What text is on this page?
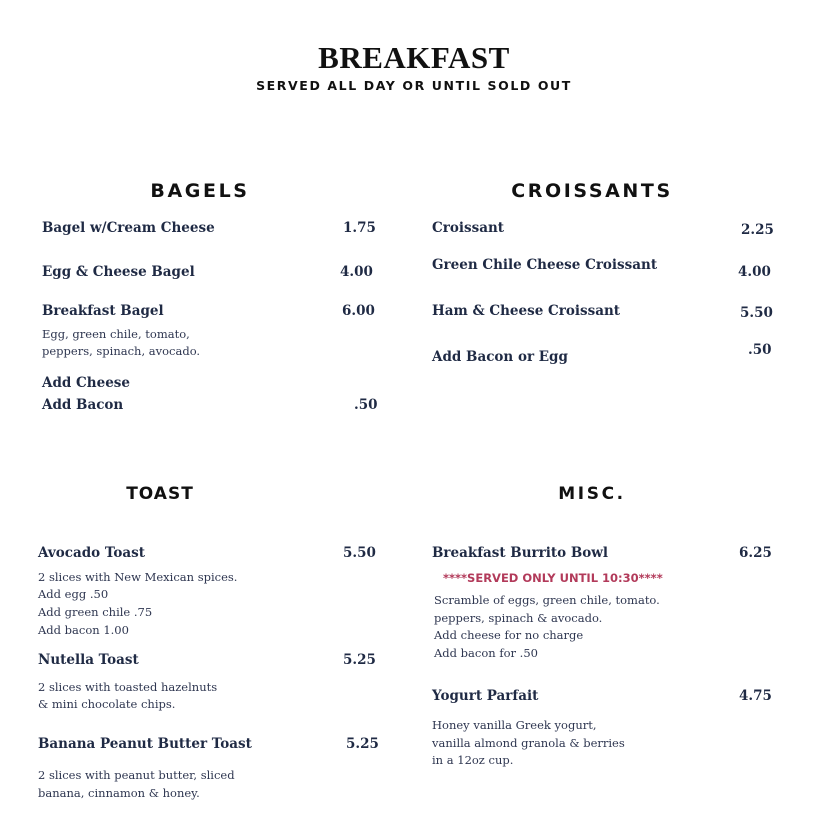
BREAKFAST
SERVED ALL DAY OR UNTIL SOLD OUT
BAGELS
Bagel w/Cream Cheese	1.75
Egg & Cheese Bagel	4.00
Breakfast Bagel	6.00
Egg, green chile, tomato,
peppers, spinach, avocado.
Add Cheese
Add Bacon	.50
CROISSANTS
Croissant	2.25
Green Chile Cheese Croissant	4.00
Ham & Cheese Croissant	5.50
Add Bacon or Egg	.50
TOAST
Avocado Toast	5.50
2 slices with New Mexican spices.
Add egg .50
Add green chile .75
Add bacon 1.00
Nutella Toast	5.25
2 slices with toasted hazelnuts
& mini chocolate chips.
Banana Peanut Butter Toast	5.25
2 slices with peanut butter, sliced
banana, cinnamon & honey.
MISC.
Breakfast Burrito Bowl	6.25
****SERVED ONLY UNTIL 10:30****
Scramble of eggs, green chile, tomato.
peppers, spinach & avocado.
Add cheese for no charge
Add bacon for .50
Yogurt Parfait	4.75
Honey vanilla Greek yogurt,
vanilla almond granola & berries
in a 12oz cup.
